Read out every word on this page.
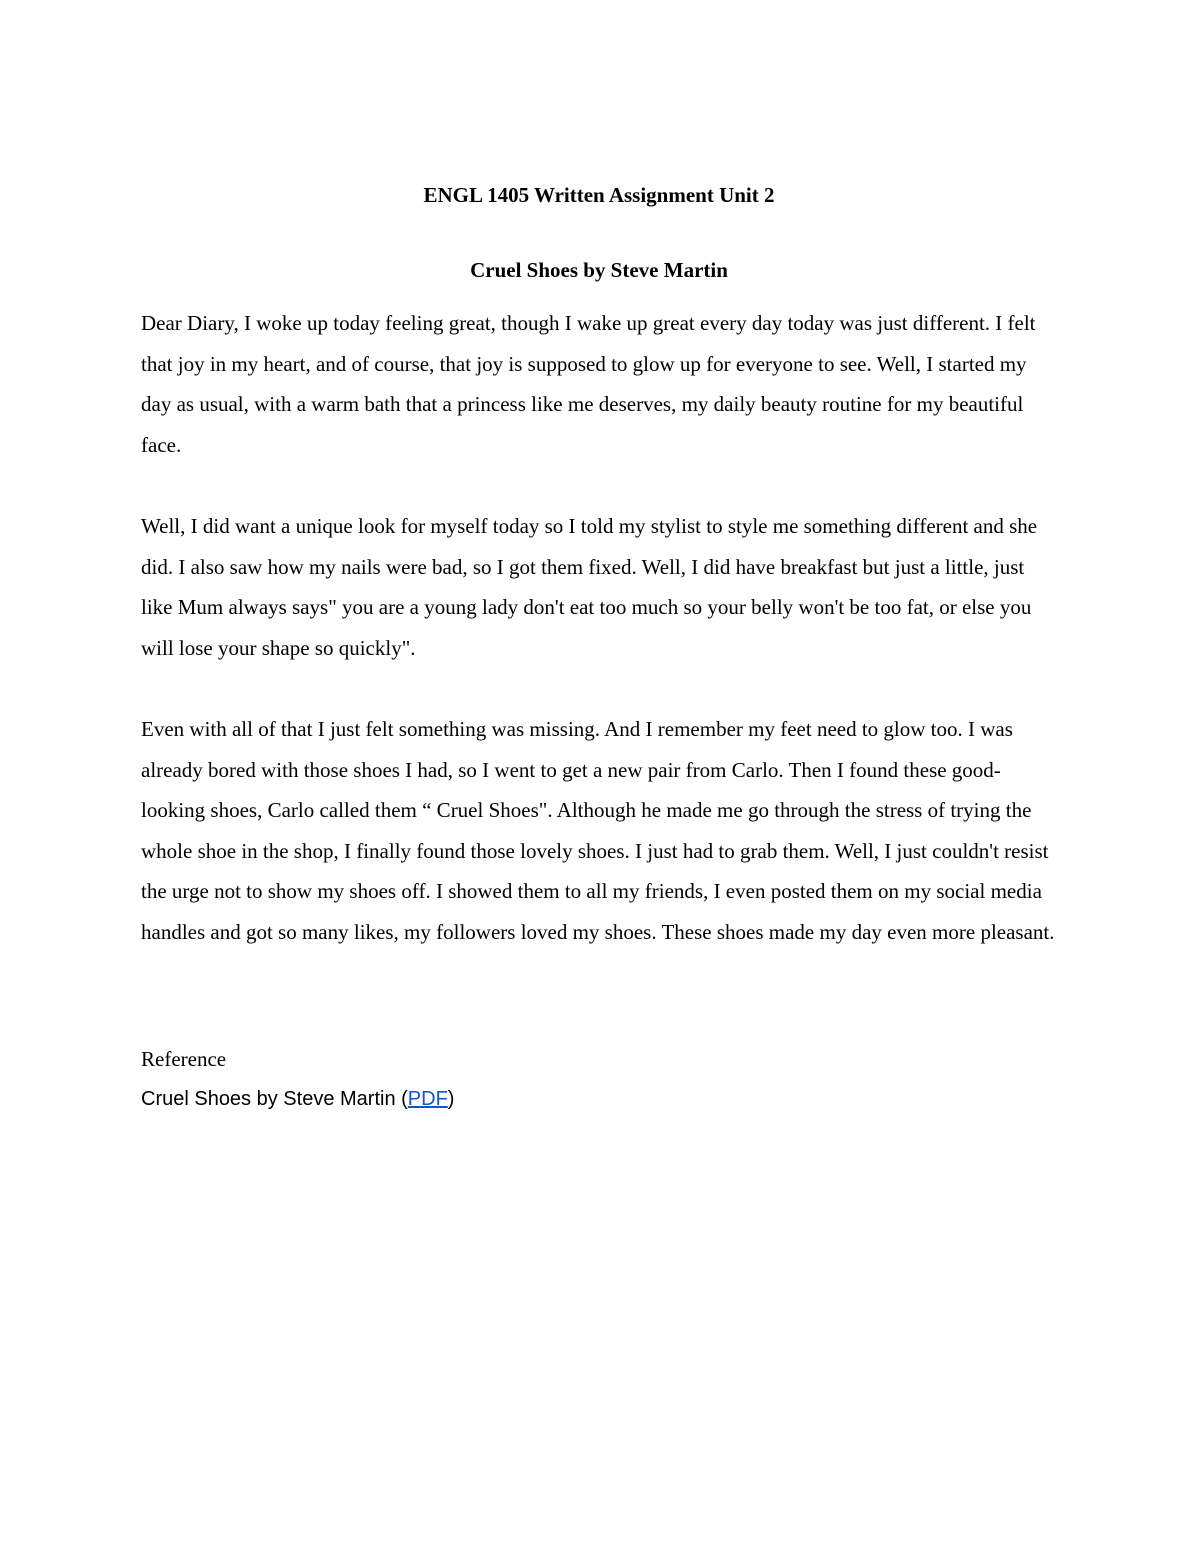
ENGL 1405 Written Assignment Unit 2

Cruel Shoes by Steve Martin

Dear Diary, I woke up today feeling great, though I wake up great every day today was just different. I felt that joy in my heart, and of course, that joy is supposed to glow up for everyone to see. Well, I started my day as usual, with a warm bath that a princess like me deserves, my daily beauty routine for my beautiful face.

Well, I did want a unique look for myself today so I told my stylist to style me something different and she did. I also saw how my nails were bad, so I got them fixed. Well, I did have breakfast but just a little, just like Mum always says" you are a young lady don't eat too much so your belly won't be too fat, or else you will lose your shape so quickly".

Even with all of that I just felt something was missing. And I remember my feet need to glow too. I was already bored with those shoes I had, so I went to get a new pair from Carlo. Then I found these good-looking shoes, Carlo called them “ Cruel Shoes". Although he made me go through the stress of trying the whole shoe in the shop, I finally found those lovely shoes. I just had to grab them. Well, I just couldn't resist the urge not to show my shoes off. I showed them to all my friends, I even posted them on my social media handles and got so many likes, my followers loved my shoes. These shoes made my day even more pleasant.

Reference

Cruel Shoes by Steve Martin (PDF)
